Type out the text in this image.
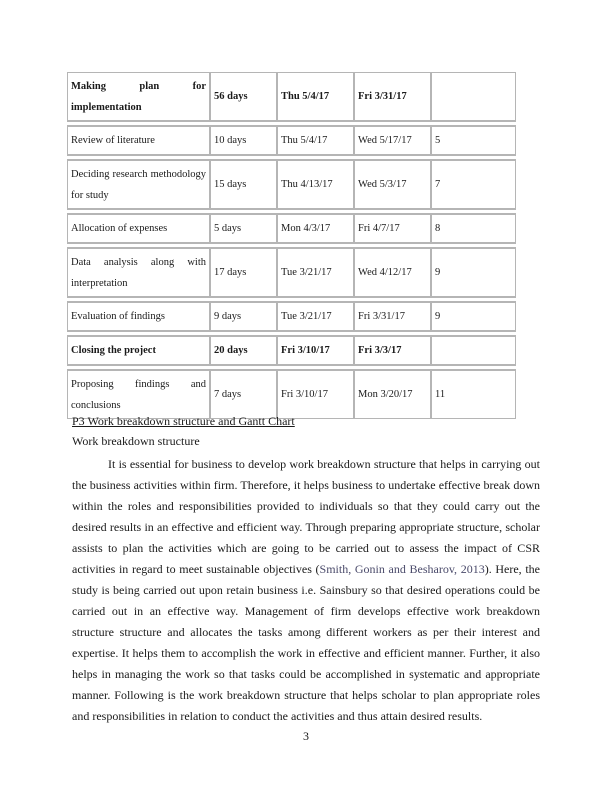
Making plan for implementation	56 days	Thu 5/4/17	Fri 3/31/17	

Review of literature	10 days	Thu 5/4/17	Wed 5/17/17	5

Deciding research methodology for study	15 days	Thu 4/13/17	Wed 5/3/17	7

Allocation of expenses	5 days	Mon 4/3/17	Fri 4/7/17	8

Data analysis along with interpretation	17 days	Tue 3/21/17	Wed 4/12/17	9

Evaluation of findings	9 days	Tue 3/21/17	Fri 3/31/17	9

Closing the project	20 days	Fri 3/10/17	Fri 3/3/17	

Proposing findings and conclusions	7 days	Fri 3/10/17	Mon 3/20/17	11

P3 Work breakdown structure and Gantt Chart

Work breakdown structure

It is essential for business to develop work breakdown structure that helps in carrying out the business activities within firm. Therefore, it helps business to undertake effective break down within the roles and responsibilities provided to individuals so that they could carry out the desired results in an effective and efficient way. Through preparing appropriate structure, scholar assists to plan the activities which are going to be carried out to assess the impact of CSR activities in regard to meet sustainable objectives (Smith, Gonin and Besharov, 2013). Here, the study is being carried out upon retain business i.e. Sainsbury so that desired operations could be carried out in an effective way. Management of firm develops effective work breakdown structure structure and allocates the tasks among different workers as per their interest and expertise. It helps them to accomplish the work in effective and efficient manner. Further, it also helps in managing the work so that tasks could be accomplished in systematic and appropriate manner. Following is the work breakdown structure that helps scholar to plan appropriate roles and responsibilities in relation to conduct the activities and thus attain desired results.

3
